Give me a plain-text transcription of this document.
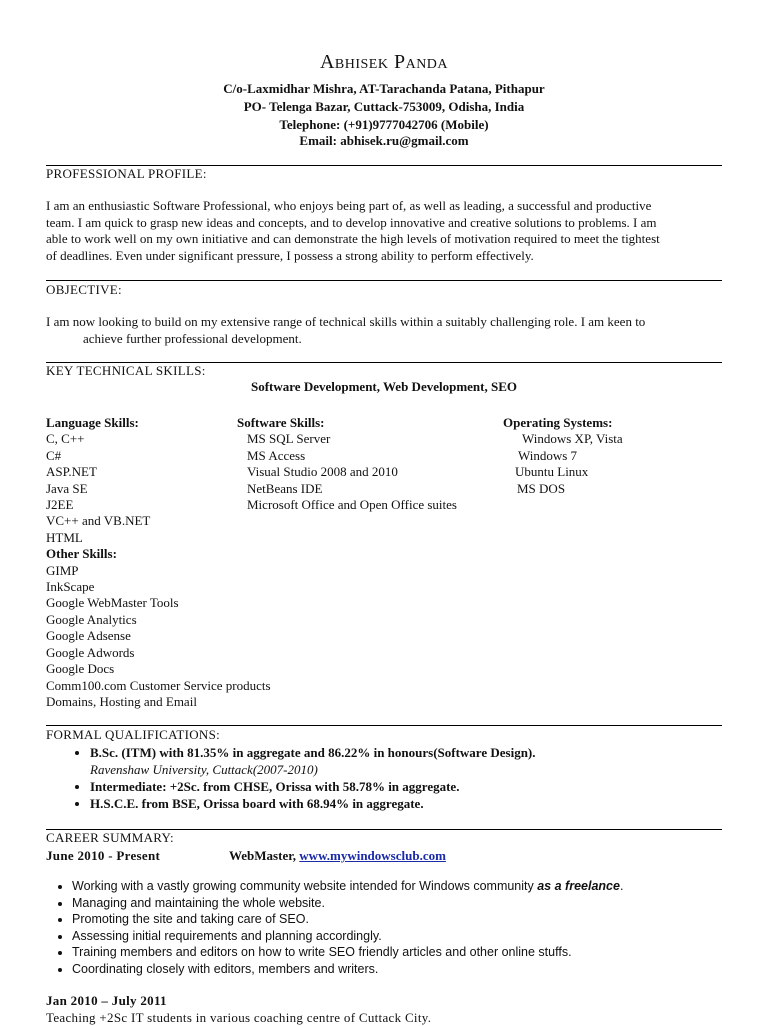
Abhisek Panda
C/o-Laxmidhar Mishra, AT-Tarachanda Patana, Pithapur
PO- Telenga Bazar, Cuttack-753009, Odisha, India
Telephone: (+91)9777042706 (Mobile)
Email: abhisek.ru@gmail.com
PROFESSIONAL PROFILE:
I am an enthusiastic Software Professional, who enjoys being part of, as well as leading, a successful and productive
team. I am quick to grasp new ideas and concepts, and to develop innovative and creative solutions to problems. I am
able to work well on my own initiative and can demonstrate the high levels of motivation required to meet the tightest
of deadlines. Even under significant pressure, I possess a strong ability to perform effectively.
OBJECTIVE:
I am now looking to build on my extensive range of technical skills within a suitably challenging role. I am keen to
achieve further professional development.
KEY TECHNICAL SKILLS:
Software Development, Web Development, SEO
Language Skills:
C, C++
C#
ASP.NET
Java SE
J2EE
VC++ and VB.NET
HTML
Other Skills:
GIMP
InkScape
Google WebMaster Tools
Google Analytics
Google Adsense
Google Adwords
Google Docs
Comm100.com Customer Service products
Domains, Hosting and Email
Software Skills:
MS SQL Server
MS Access
Visual Studio 2008 and 2010
NetBeans IDE
Microsoft Office and Open Office suites
Operating Systems:
Windows XP, Vista
Windows 7
Ubuntu Linux
MS DOS
FORMAL QUALIFICATIONS:
• B.Sc. (ITM) with 81.35% in aggregate and 86.22% in honours(Software Design).
Ravenshaw University, Cuttack(2007-2010)
• Intermediate: +2Sc. from CHSE, Orissa with 58.78% in aggregate.
• H.S.C.E. from BSE, Orissa board with 68.94% in aggregate.
CAREER SUMMARY:
June 2010 - Present	WebMaster, www.mywindowsclub.com
• Working with a vastly growing community website intended for Windows community as a freelance.
• Managing and maintaining the whole website.
• Promoting the site and taking care of SEO.
• Assessing initial requirements and planning accordingly.
• Training members and editors on how to write SEO friendly articles and other online stuffs.
• Coordinating closely with editors, members and writers.
Jan 2010 – July 2011
Teaching +2Sc IT students in various coaching centre of Cuttack City.
